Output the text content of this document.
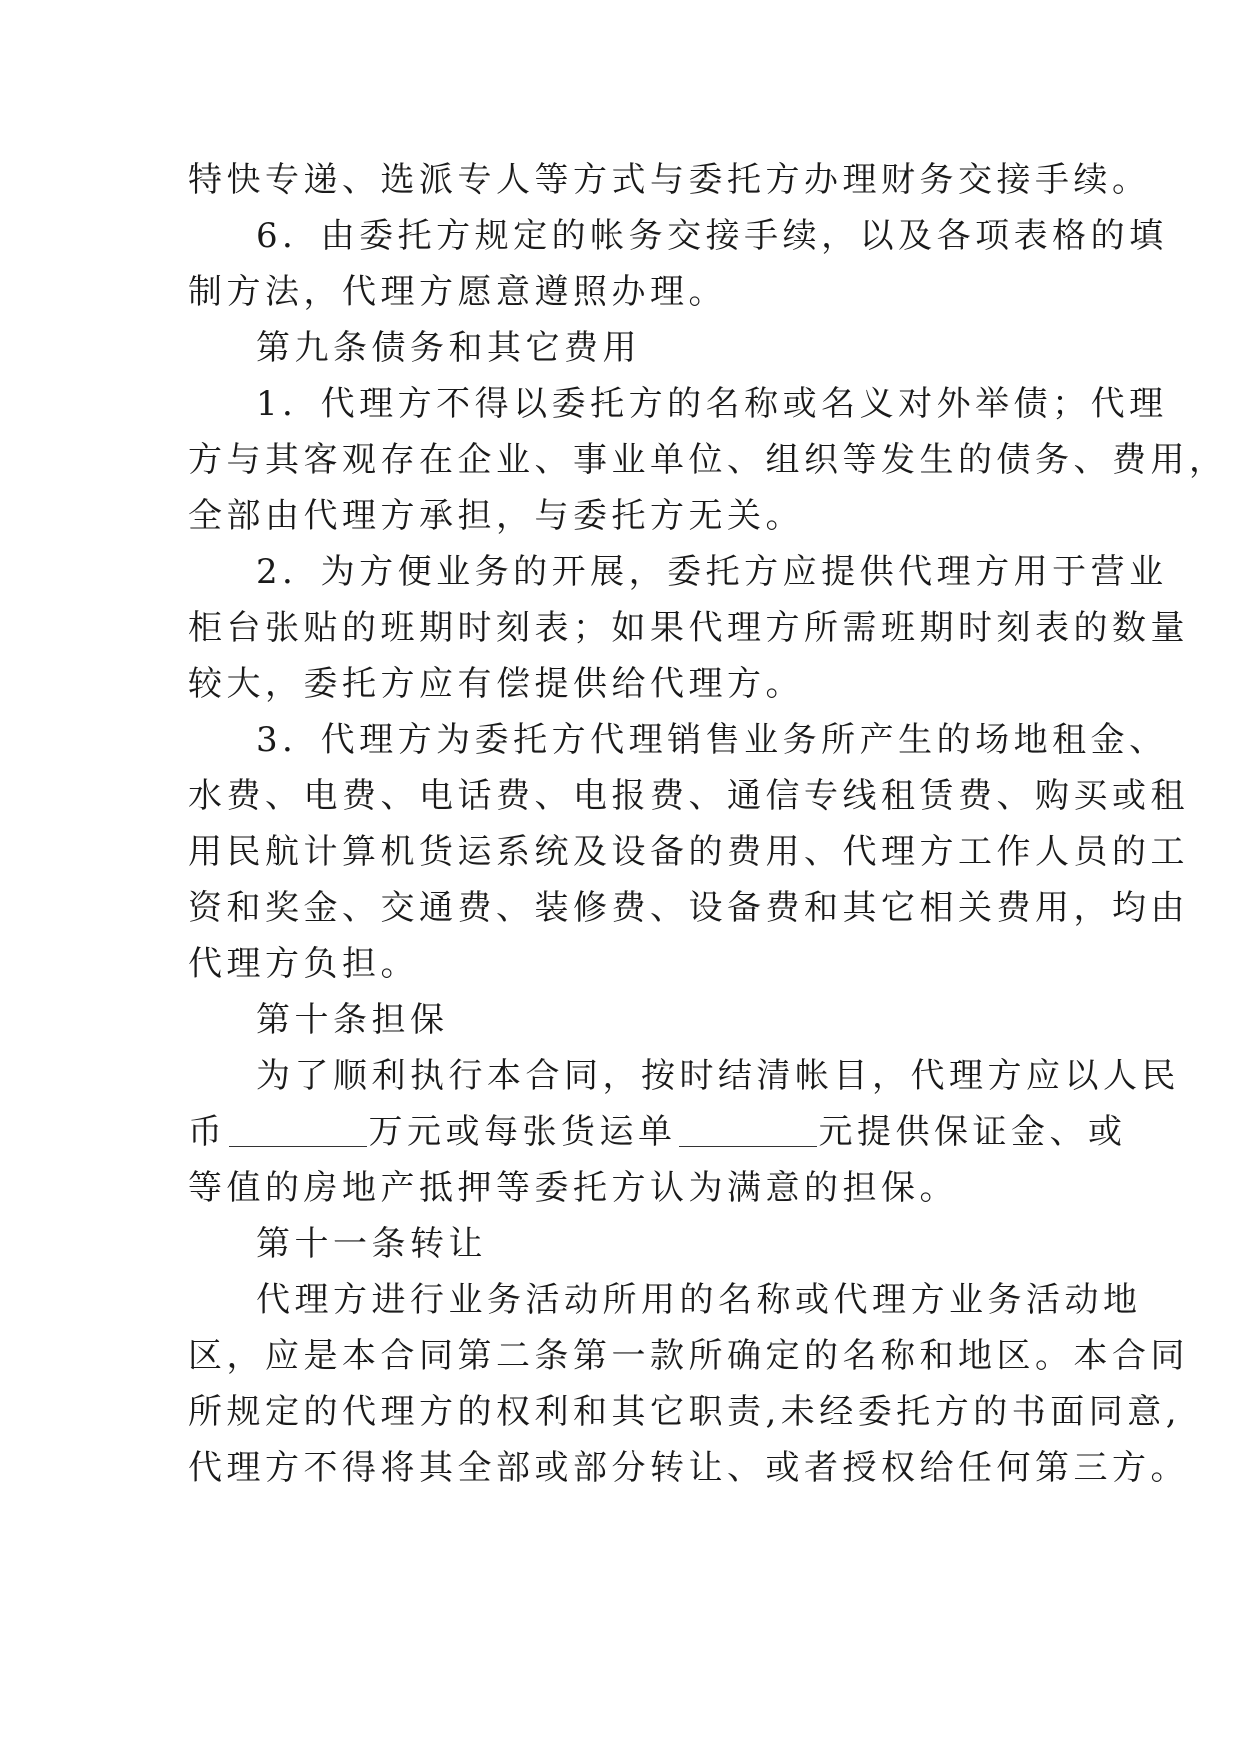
特快专递、选派专人等方式与委托方办理财务交接手续。
6．由委托方规定的帐务交接手续，以及各项表格的填
制方法，代理方愿意遵照办理。
第九条债务和其它费用
1．代理方不得以委托方的名称或名义对外举债；代理
方与其客观存在企业、事业单位、组织等发生的债务、费用，
全部由代理方承担，与委托方无关。
2．为方便业务的开展，委托方应提供代理方用于营业
柜台张贴的班期时刻表；如果代理方所需班期时刻表的数量
较大，委托方应有偿提供给代理方。
3．代理方为委托方代理销售业务所产生的场地租金、
水费、电费、电话费、电报费、通信专线租赁费、购买或租
用民航计算机货运系统及设备的费用、代理方工作人员的工
资和奖金、交通费、装修费、设备费和其它相关费用，均由
代理方负担。
第十条担保
为了顺利执行本合同，按时结清帐目，代理方应以人民
币	万元或每张货运单	元提供保证金、或
等值的房地产抵押等委托方认为满意的担保。
第十一条转让
代理方进行业务活动所用的名称或代理方业务活动地
区，应是本合同第二条第一款所确定的名称和地区。本合同
所规定的代理方的权利和其它职责,未经委托方的书面同意,
代理方不得将其全部或部分转让、或者授权给任何第三方。
